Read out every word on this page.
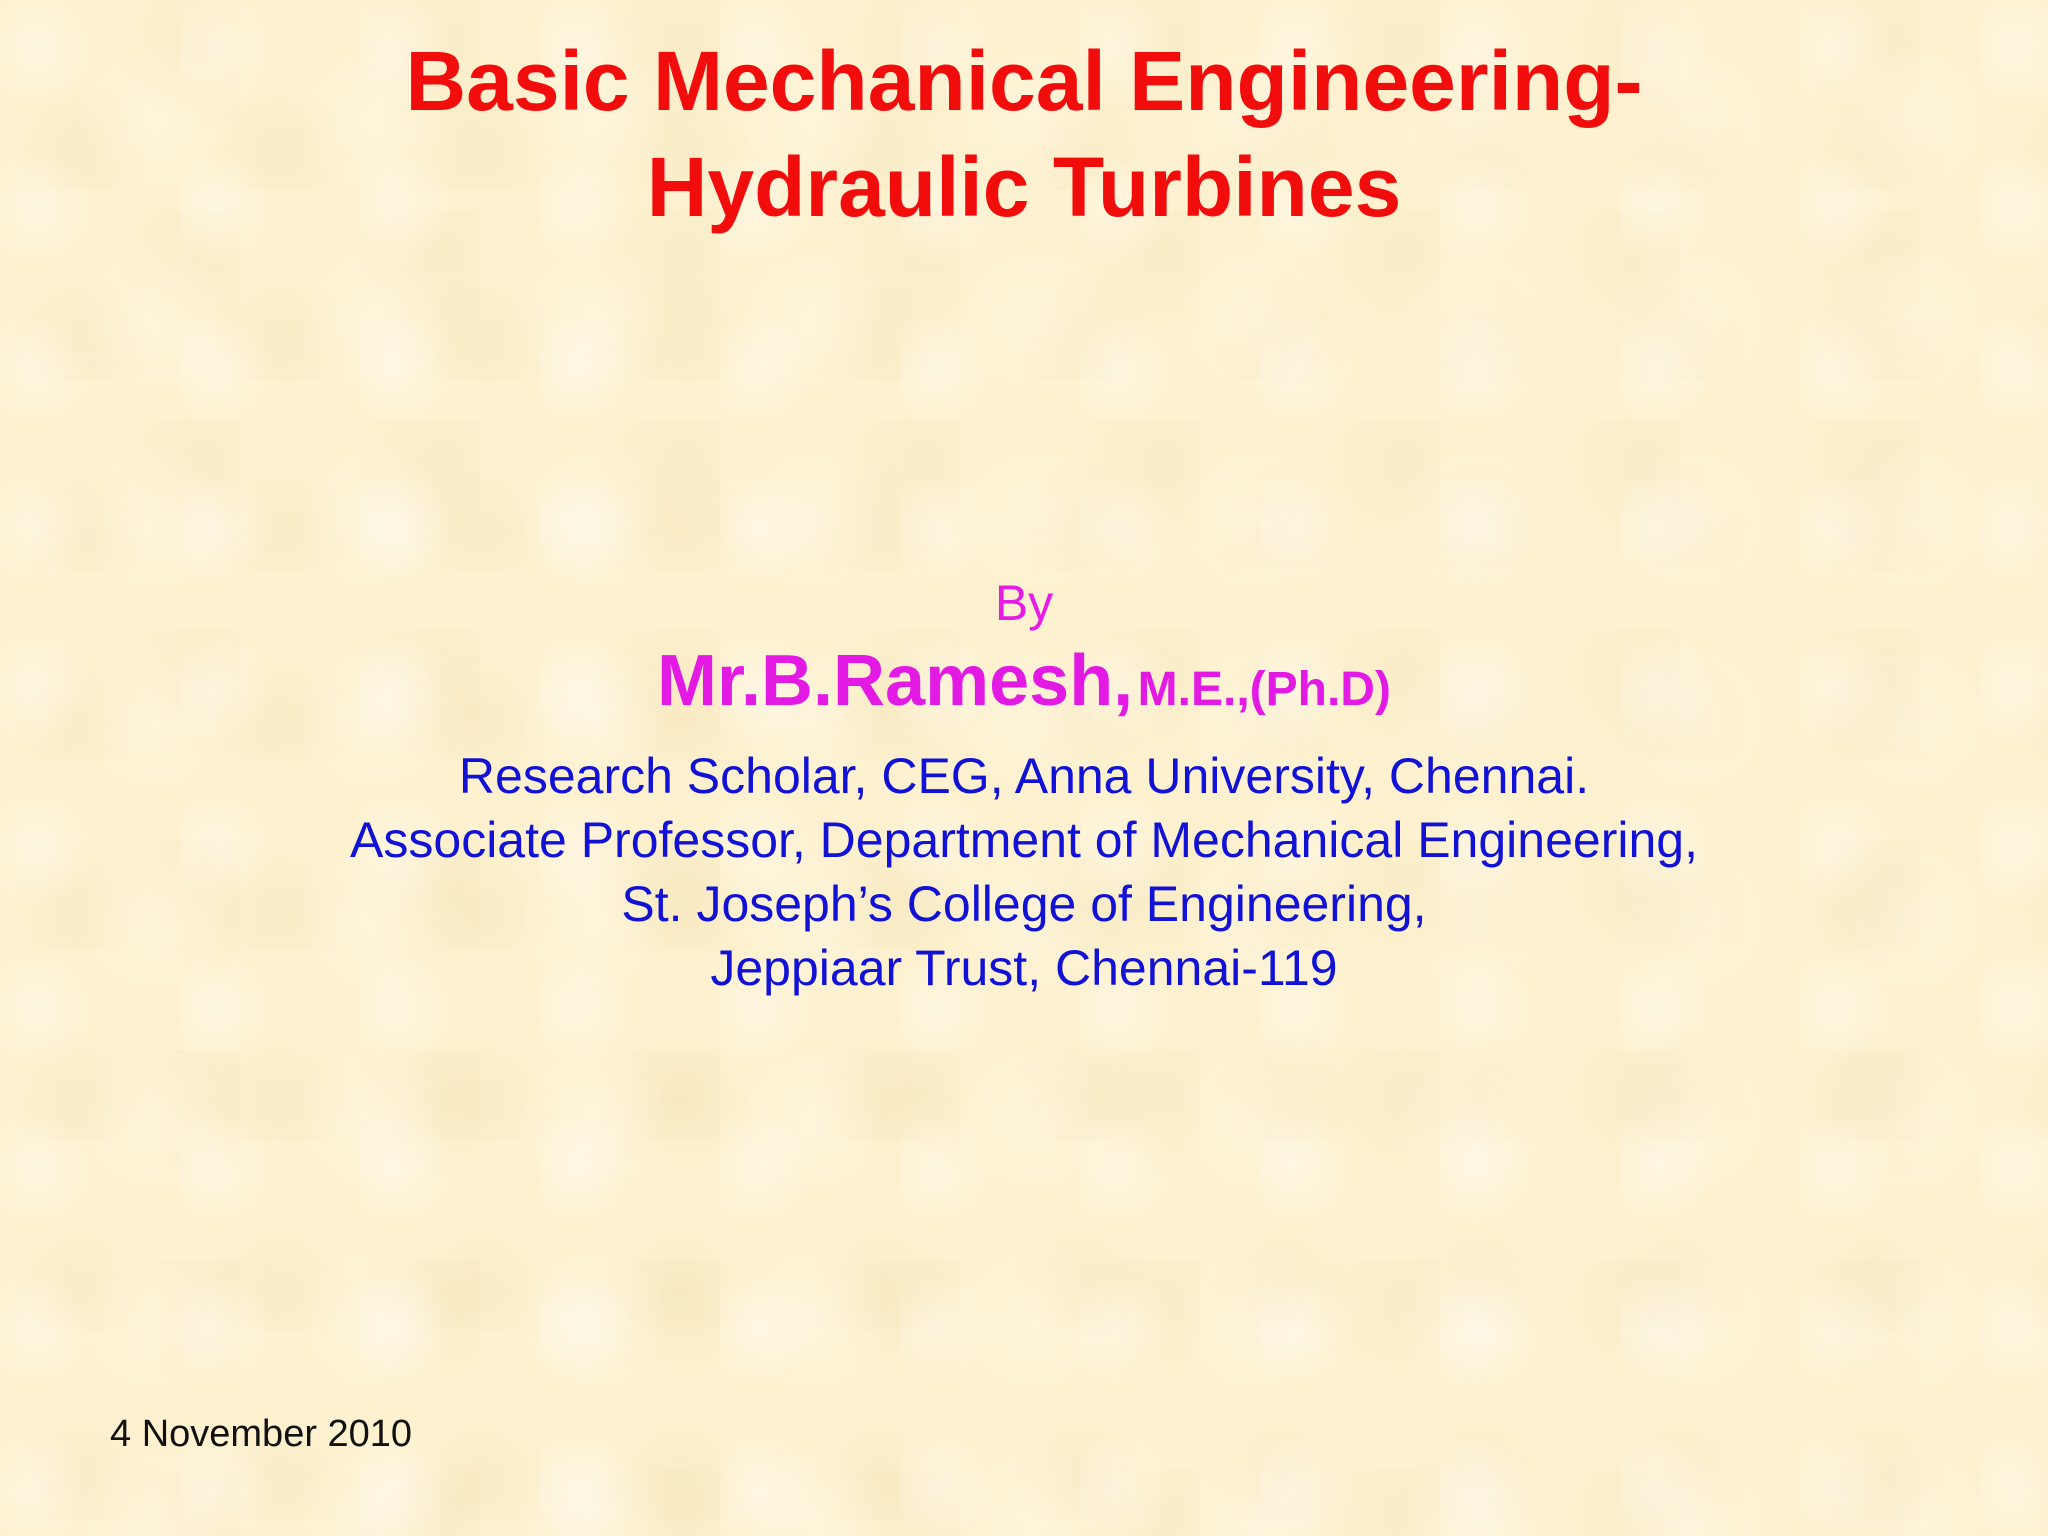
Basic Mechanical Engineering-
Hydraulic Turbines
By
Mr.B.Ramesh, M.E.,(Ph.D)
Research Scholar, CEG, Anna University, Chennai.
Associate Professor, Department of Mechanical Engineering,
St. Joseph’s College of Engineering,
Jeppiaar Trust, Chennai-119
4 November 2010
